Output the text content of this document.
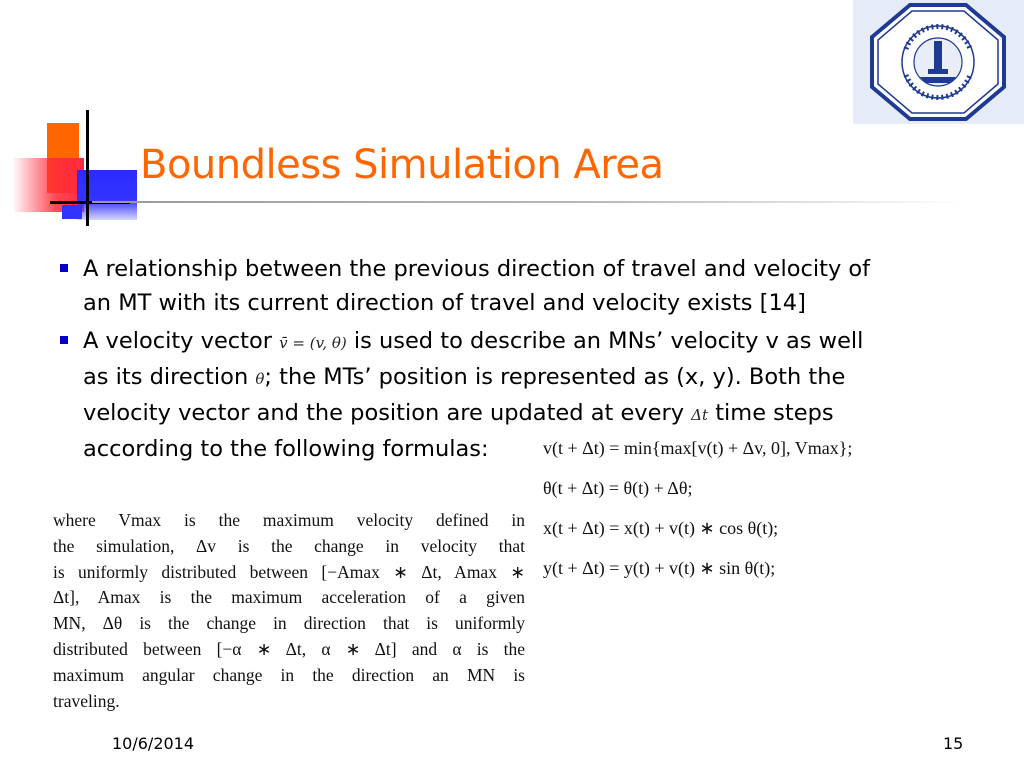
Boundless Simulation Area
A relationship between the previous direction of travel and velocity of
an MT with its current direction of travel and velocity exists [14]
A velocity vector v̄ = (v, θ) is used to describe an MNs’ velocity v as well
as its direction θ; the MTs’ position is represented as (x, y). Both the
velocity vector and the position are updated at every Δt time steps
according to the following formulas:	v(t + Δt) = min{max[v(t) + Δv, 0], Vmax};
θ(t + Δt) = θ(t) + Δθ;
x(t + Δt) = x(t) + v(t) ∗ cos θ(t);
y(t + Δt) = y(t) + v(t) ∗ sin θ(t);
where Vmax is the maximum velocity defined in
the simulation, Δv is the change in velocity that
is uniformly distributed between [−Amax ∗ Δt, Amax ∗
Δt], Amax is the maximum acceleration of a given
MN, Δθ is the change in direction that is uniformly
distributed between [−α ∗ Δt, α ∗ Δt] and α is the
maximum angular change in the direction an MN is
traveling.
10/6/2014	15
